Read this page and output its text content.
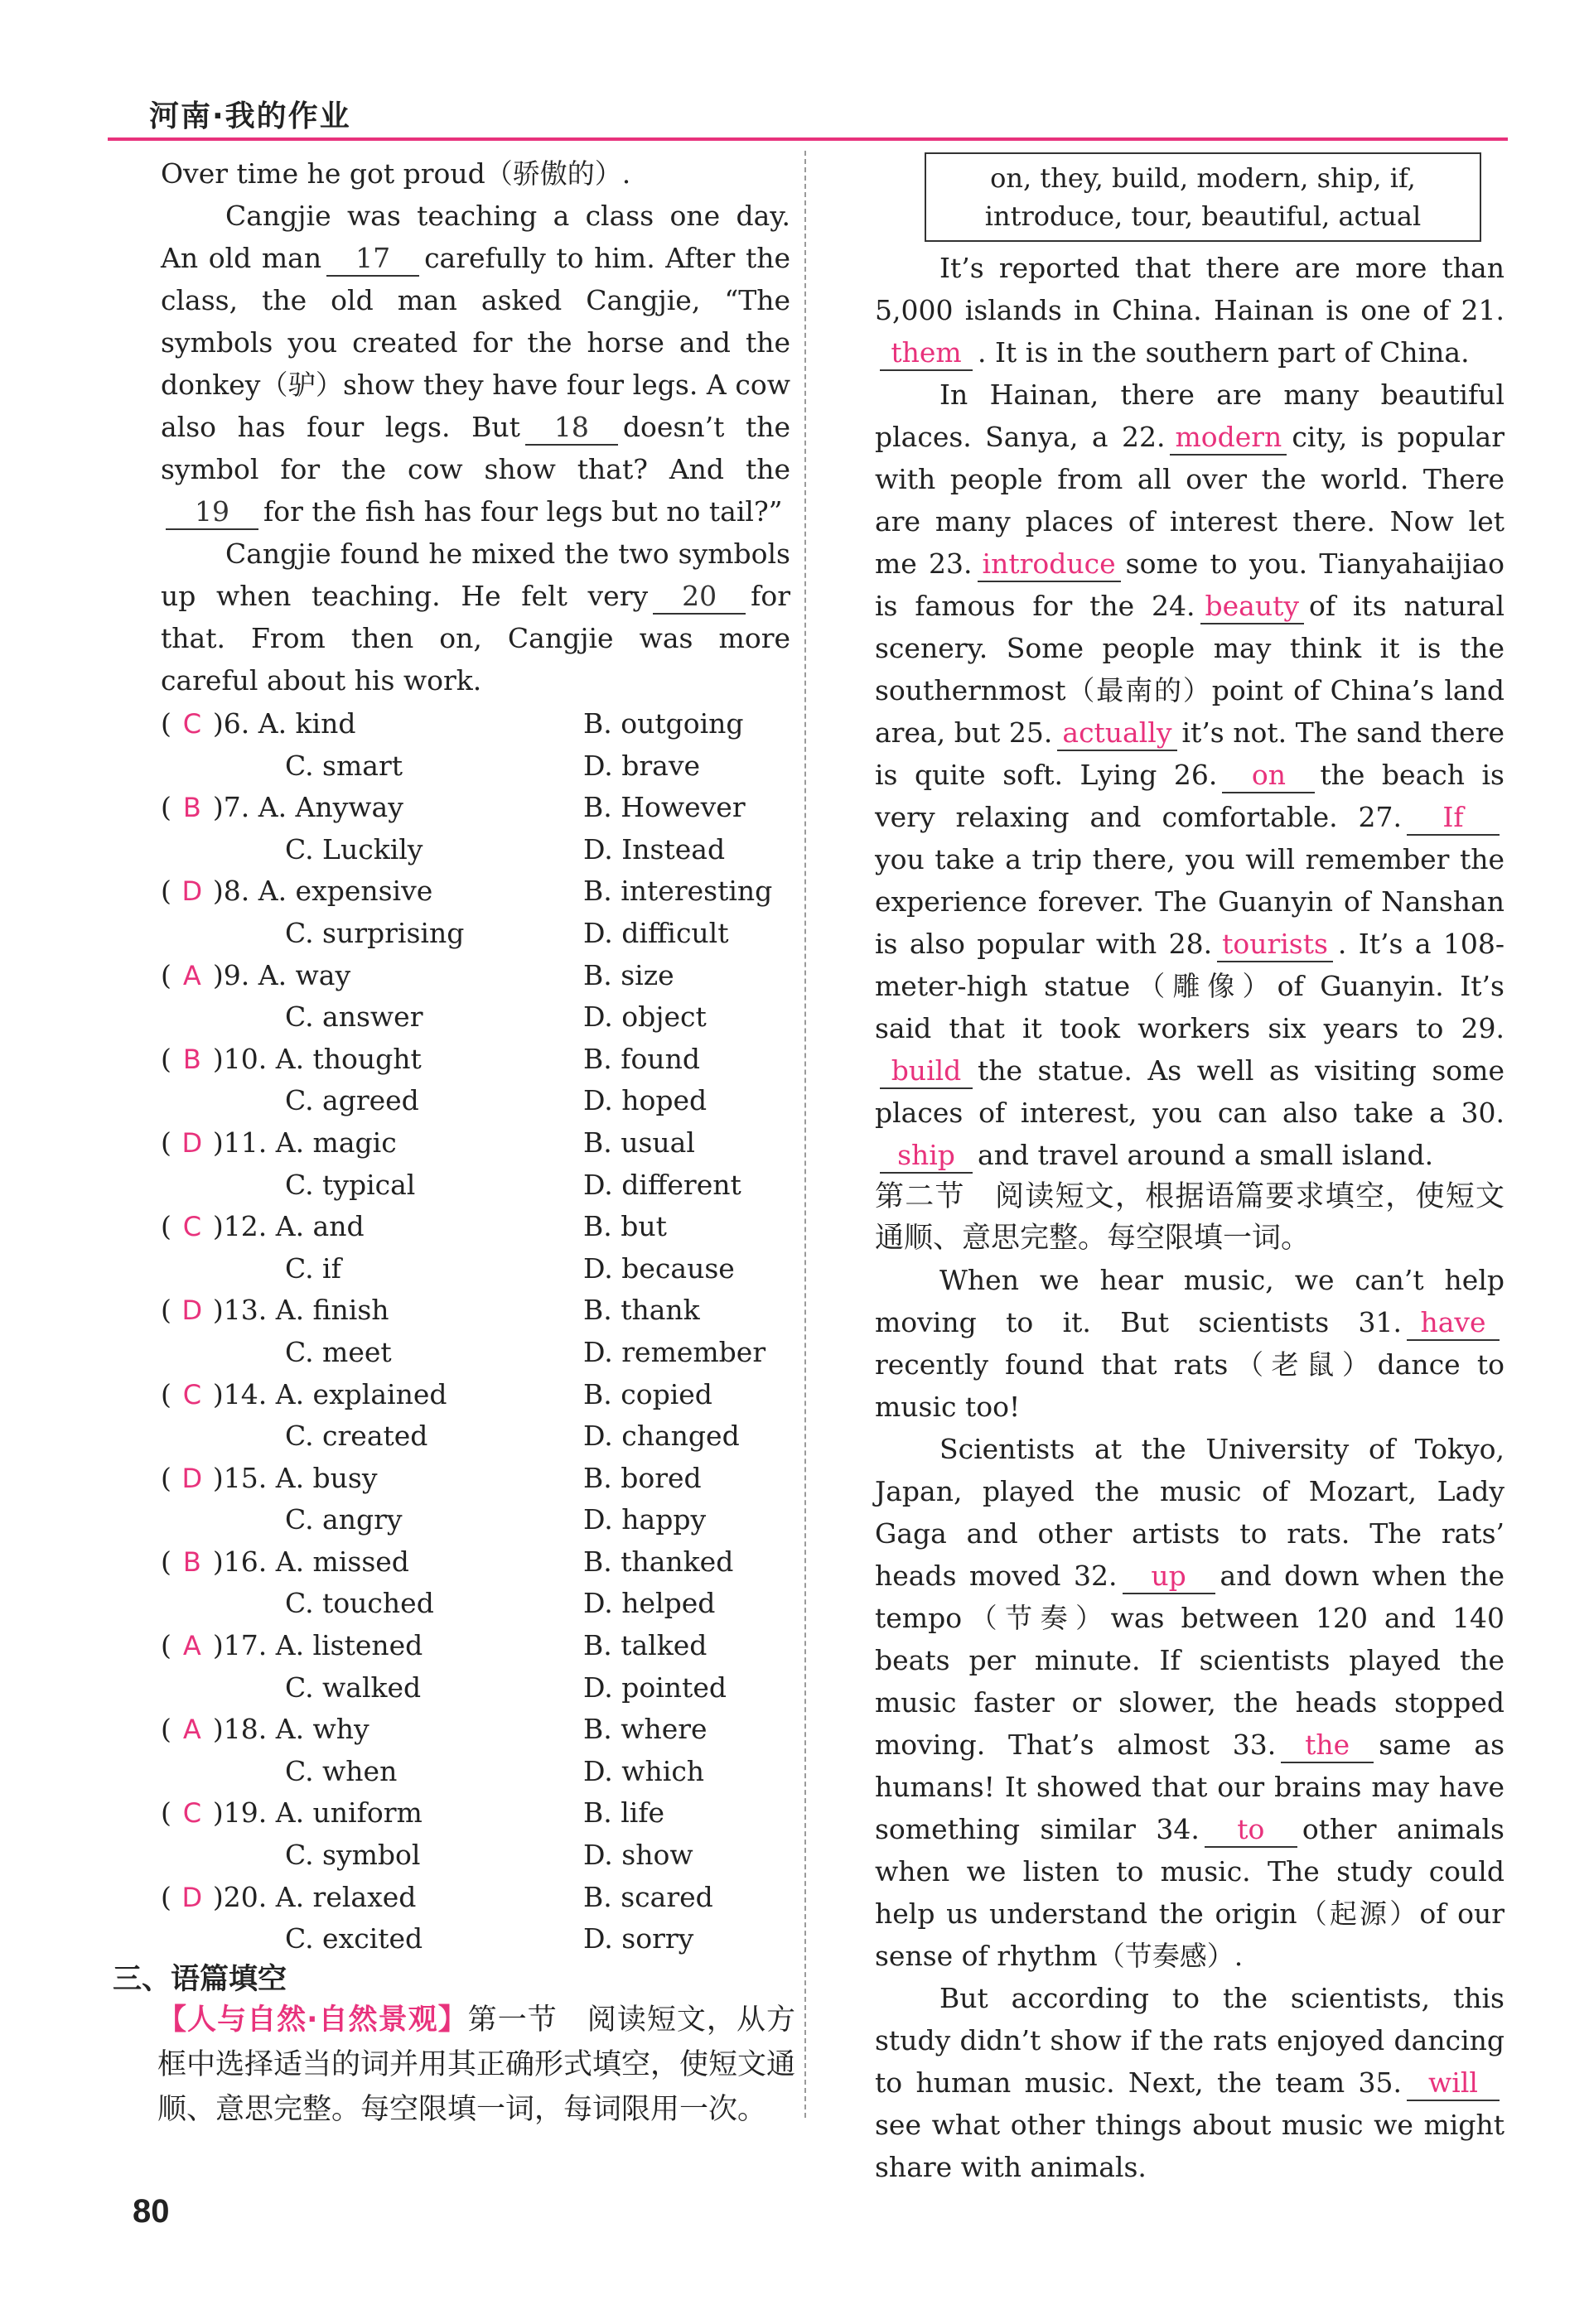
河南·我的作业

Over time he got proud（骄傲的）.

Cangjie was teaching a class one day. An old man 17 carefully to him. After the class, the old man asked Cangjie, “The symbols you created for the horse and the donkey（驴）show they have four legs. A cow also has four legs. But 18 doesn’t the symbol for the cow show that? And the19 for the fish has four legs but no tail?”

Cangjie found he mixed the two symbols up when teaching. He felt very 20 for that. From then on, Cangjie was more careful about his work.

( C )6. A. kind	B. outgoing
C. smart	D. brave
( B )7. A. Anyway	B. However
C. Luckily	D. Instead
( D )8. A. expensive	B. interesting
C. surprising	D. difficult
( A )9. A. way	B. size
C. answer	D. object
( B )10. A. thought	B. found
C. agreed	D. hoped
( D )11. A. magic	B. usual
C. typical	D. different
( C )12. A. and	B. but
C. if	D. because
( D )13. A. finish	B. thank
C. meet	D. remember
( C )14. A. explained	B. copied
C. created	D. changed
( D )15. A. busy	B. bored
C. angry	D. happy
( B )16. A. missed	B. thanked
C. touched	D. helped
( A )17. A. listened	B. talked
C. walked	D. pointed
( A )18. A. why	B. where
C. when	D. which
( C )19. A. uniform	B. life
C. symbol	D. show
( D )20. A. relaxed	B. scared
C. excited	D. sorry
三、语篇填空
【人与自然·自然景观】第一节　阅读短文，从方框中选择适当的词并用其正确形式填空，使短文通顺、意思完整。每空限填一词，每词限用一次。
on, they, build, modern, ship, if,
introduce, tour, beautiful, actual

It’s reported that there are more than 5,000 islands in China. Hainan is one of 21.them . It is in the southern part of China.

In Hainan, there are many beautiful places. Sanya, a 22. modern city, is popular with people from all over the world. There are many places of interest there. Now let me 23. introduce some to you. Tianyahaijiao is famous for the 24. beauty of its natural scenery. Some people may think it is the southernmost（最南的）point of China’s land area, but 25. actually it’s not. The sand there is quite soft. Lying 26. on the beach is very relaxing and comfortable. 27. Ifyou take a trip there, you will remember the experience forever. The Guanyin of Nanshan is also popular with 28. tourists . It’s a 108-meter-high statue（雕像）of Guanyin. It’s said that it took workers six years to 29.build the statue. As well as visiting some places of interest, you can also take a 30.ship and travel around a small island.

第二节　阅读短文，根据语篇要求填空，使短文通顺、意思完整。每空限填一词。

When we hear music, we can’t help moving to it. But scientists 31. haverecently found that rats（老鼠）dance to music too!

Scientists at the University of Tokyo, Japan, played the music of Mozart, Lady Gaga and other artists to rats. The rats’ heads moved 32. up and down when the tempo（节奏）was between 120 and 140 beats per minute. If scientists played the music faster or slower, the heads stopped moving. That’s almost 33. the same as humans! It showed that our brains may have something similar 34. to other animals when we listen to music. The study could help us understand the origin（起源）of our sense of rhythm（节奏感）.

But according to the scientists, this study didn’t show if the rats enjoyed dancing to human music. Next, the team 35. willsee what other things about music we might share with animals.

80
